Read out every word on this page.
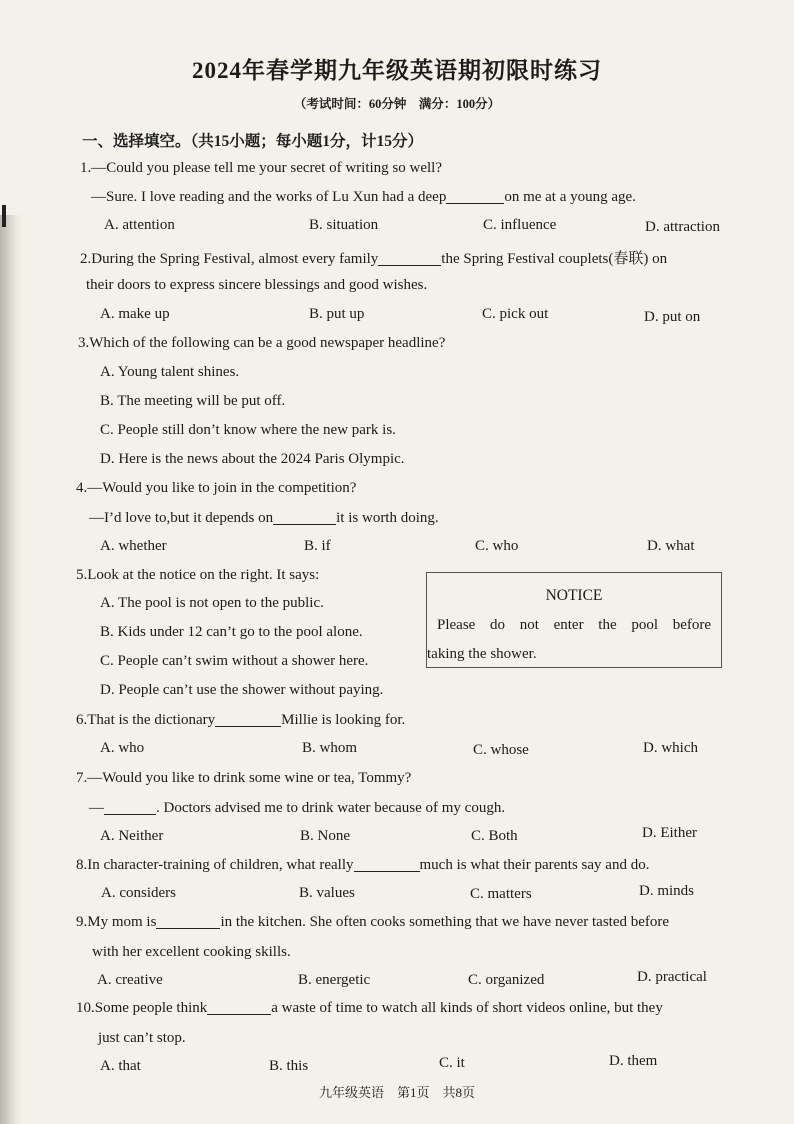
2024年春学期九年级英语期初限时练习
（考试时间：60分钟　满分：100分）
一、选择填空。（共15小题；每小题1分，计15分）
1.—Could you please tell me your secret of writing so well?
—Sure. I love reading and the works of Lu Xun had a deep	on me at a young age.
A. attention	B. situation	C. influence	D. attraction
2.During the Spring Festival, almost every family	the Spring Festival couplets(春联) on
their doors to express sincere blessings and good wishes.
A. make up	B. put up	C. pick out	D. put on
3.Which of the following can be a good newspaper headline?
A. Young talent shines.
B. The meeting will be put off.
C. People still don’t know where the new park is.
D. Here is the news about the 2024 Paris Olympic.
4.—Would you like to join in the competition?
—I’d love to,but it depends on	it is worth doing.
A. whether	B. if	C. who	D. what
5.Look at the notice on the right. It says:
A. The pool is not open to the public.
B. Kids under 12 can’t go to the pool alone.
C. People can’t swim without a shower here.
D. People can’t use the shower without paying.
NOTICE
Please do not enter the pool before
taking the shower.
6.That is the dictionary	Millie is looking for.
A. who	B. whom	C. whose	D. which
7.—Would you like to drink some wine or tea, Tommy?
—	. Doctors advised me to drink water because of my cough.
A. Neither	B. None	C. Both	D. Either
8.In character-training of children, what really	much is what their parents say and do.
A. considers	B. values	C. matters	D. minds
9.My mom is	in the kitchen. She often cooks something that we have never tasted before
with her excellent cooking skills.
A. creative	B. energetic	C. organized	D. practical
10.Some people think	a waste of time to watch all kinds of short videos online, but they
just can’t stop.
A. that	B. this	C. it	D. them
九年级英语　第1页　共8页
